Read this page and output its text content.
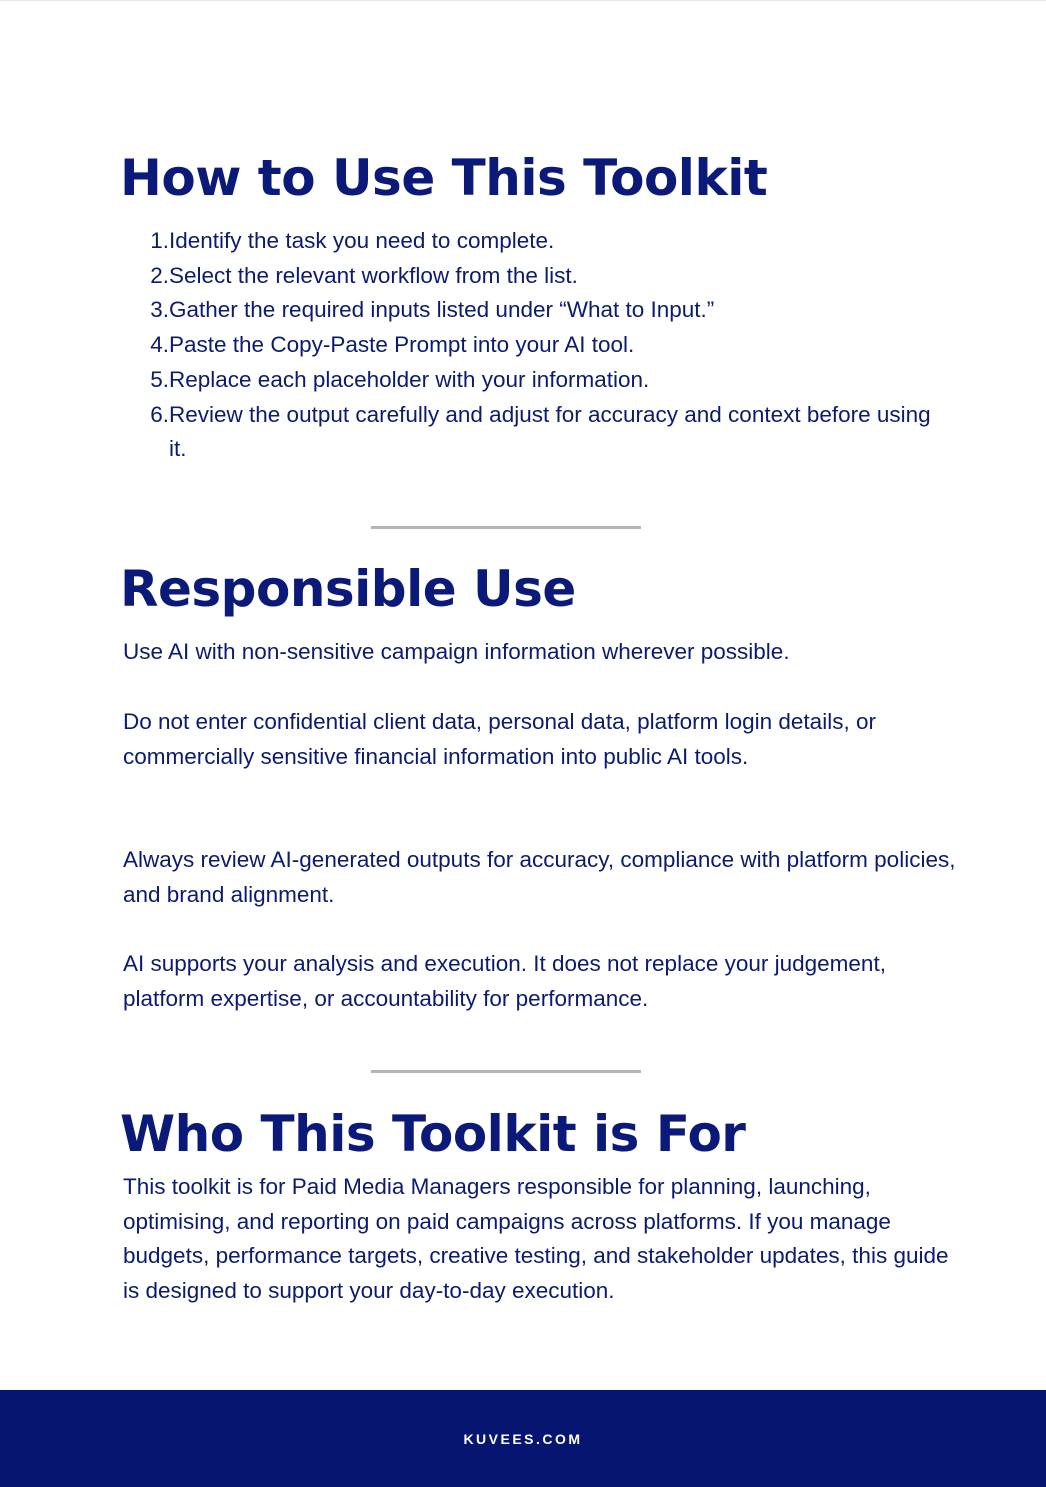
How to Use This Toolkit
1. Identify the task you need to complete.
2. Select the relevant workflow from the list.
3. Gather the required inputs listed under “What to Input.”
4. Paste the Copy-Paste Prompt into your AI tool.
5. Replace each placeholder with your information.
6. Review the output carefully and adjust for accuracy and context before using it.
Responsible Use

Use AI with non-sensitive campaign information wherever possible.

Do not enter confidential client data, personal data, platform login details, or commercially sensitive financial information into public AI tools.

Always review AI-generated outputs for accuracy, compliance with platform policies, and brand alignment.

AI supports your analysis and execution. It does not replace your judgement, platform expertise, or accountability for performance.

Who This Toolkit is For

This toolkit is for Paid Media Managers responsible for planning, launching, optimising, and reporting on paid campaigns across platforms. If you manage budgets, performance targets, creative testing, and stakeholder updates, this guide is designed to support your day-to-day execution.

KUVEES.COM
